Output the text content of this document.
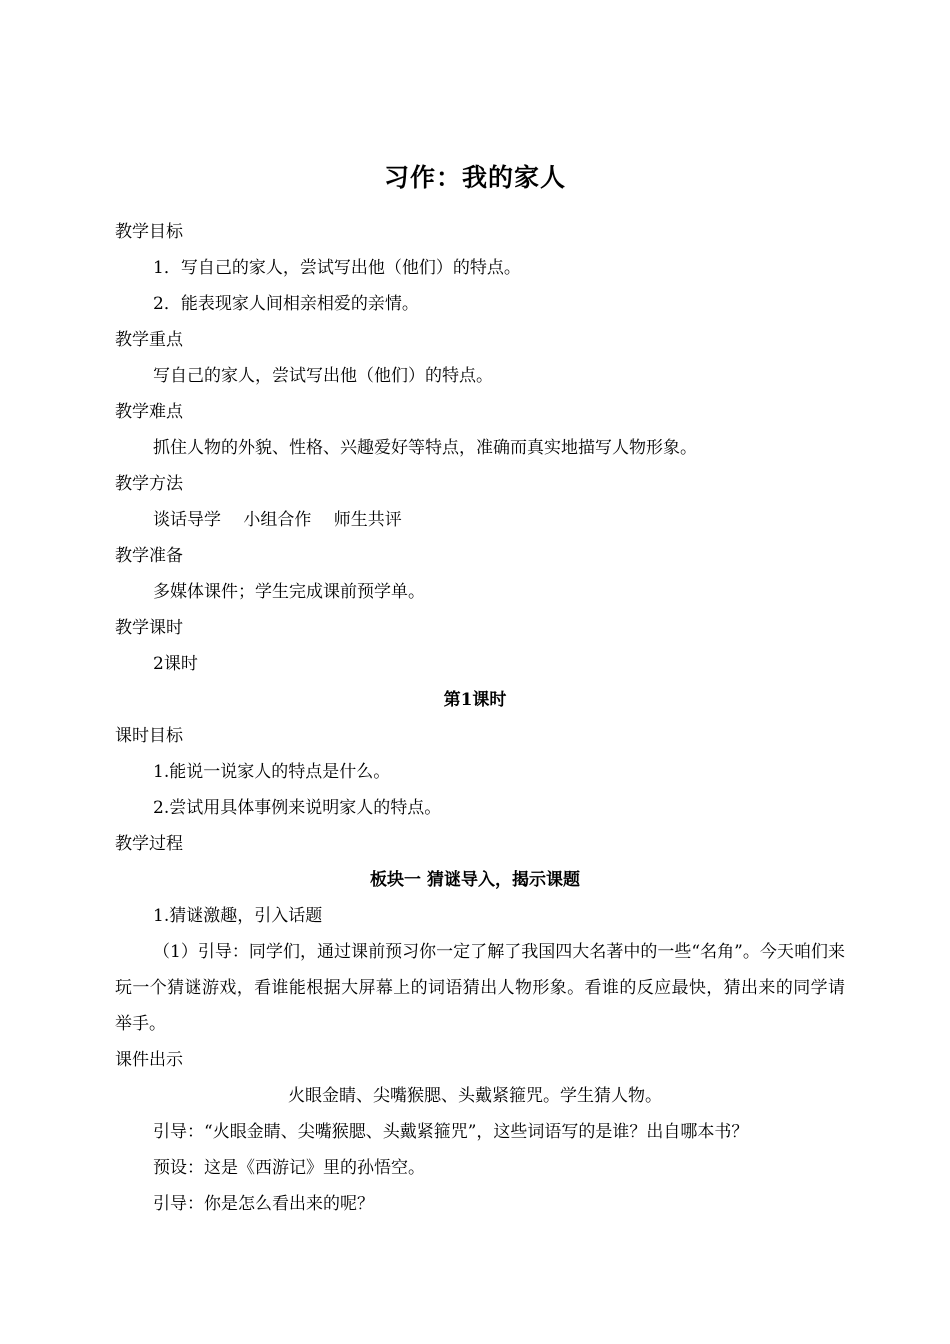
习作：我的家人
教学目标
1．写自己的家人，尝试写出他（他们）的特点。
2．能表现家人间相亲相爱的亲情。
教学重点
写自己的家人，尝试写出他（他们）的特点。
教学难点
抓住人物的外貌、性格、兴趣爱好等特点，准确而真实地描写人物形象。
教学方法
谈话导学　 小组合作　 师生共评
教学准备
多媒体课件；学生完成课前预学单。
教学课时
2课时
第1课时
课时目标
1.能说一说家人的特点是什么。
2.尝试用具体事例来说明家人的特点。
教学过程
板块一 猜谜导入，揭示课题
1.猜谜激趣，引入话题
（1）引导：同学们，通过课前预习你一定了解了我国四大名著中的一些“名角”。今天咱们来玩一个猜谜游戏，看谁能根据大屏幕上的词语猜出人物形象。看谁的反应最快，猜出来的同学请举手。
课件出示
火眼金睛、尖嘴猴腮、头戴紧箍咒。学生猜人物。
引导：“火眼金睛、尖嘴猴腮、头戴紧箍咒”，这些词语写的是谁？出自哪本书？
预设：这是《西游记》里的孙悟空。
引导：你是怎么看出来的呢？
